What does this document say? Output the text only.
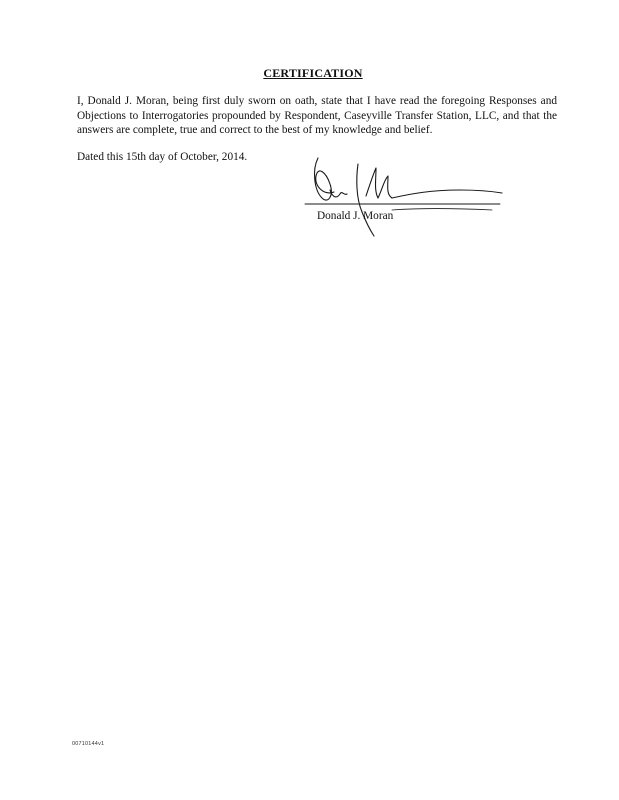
CERTIFICATION
I, Donald J. Moran, being first duly sworn on oath, state that I have read the foregoing Responses and Objections to Interrogatories propounded by Respondent, Caseyville Transfer Station, LLC, and that the answers are complete, true and correct to the best of my knowledge and belief.
Dated this 15th day of October, 2014.
Donald J. Moran
00710144v1
